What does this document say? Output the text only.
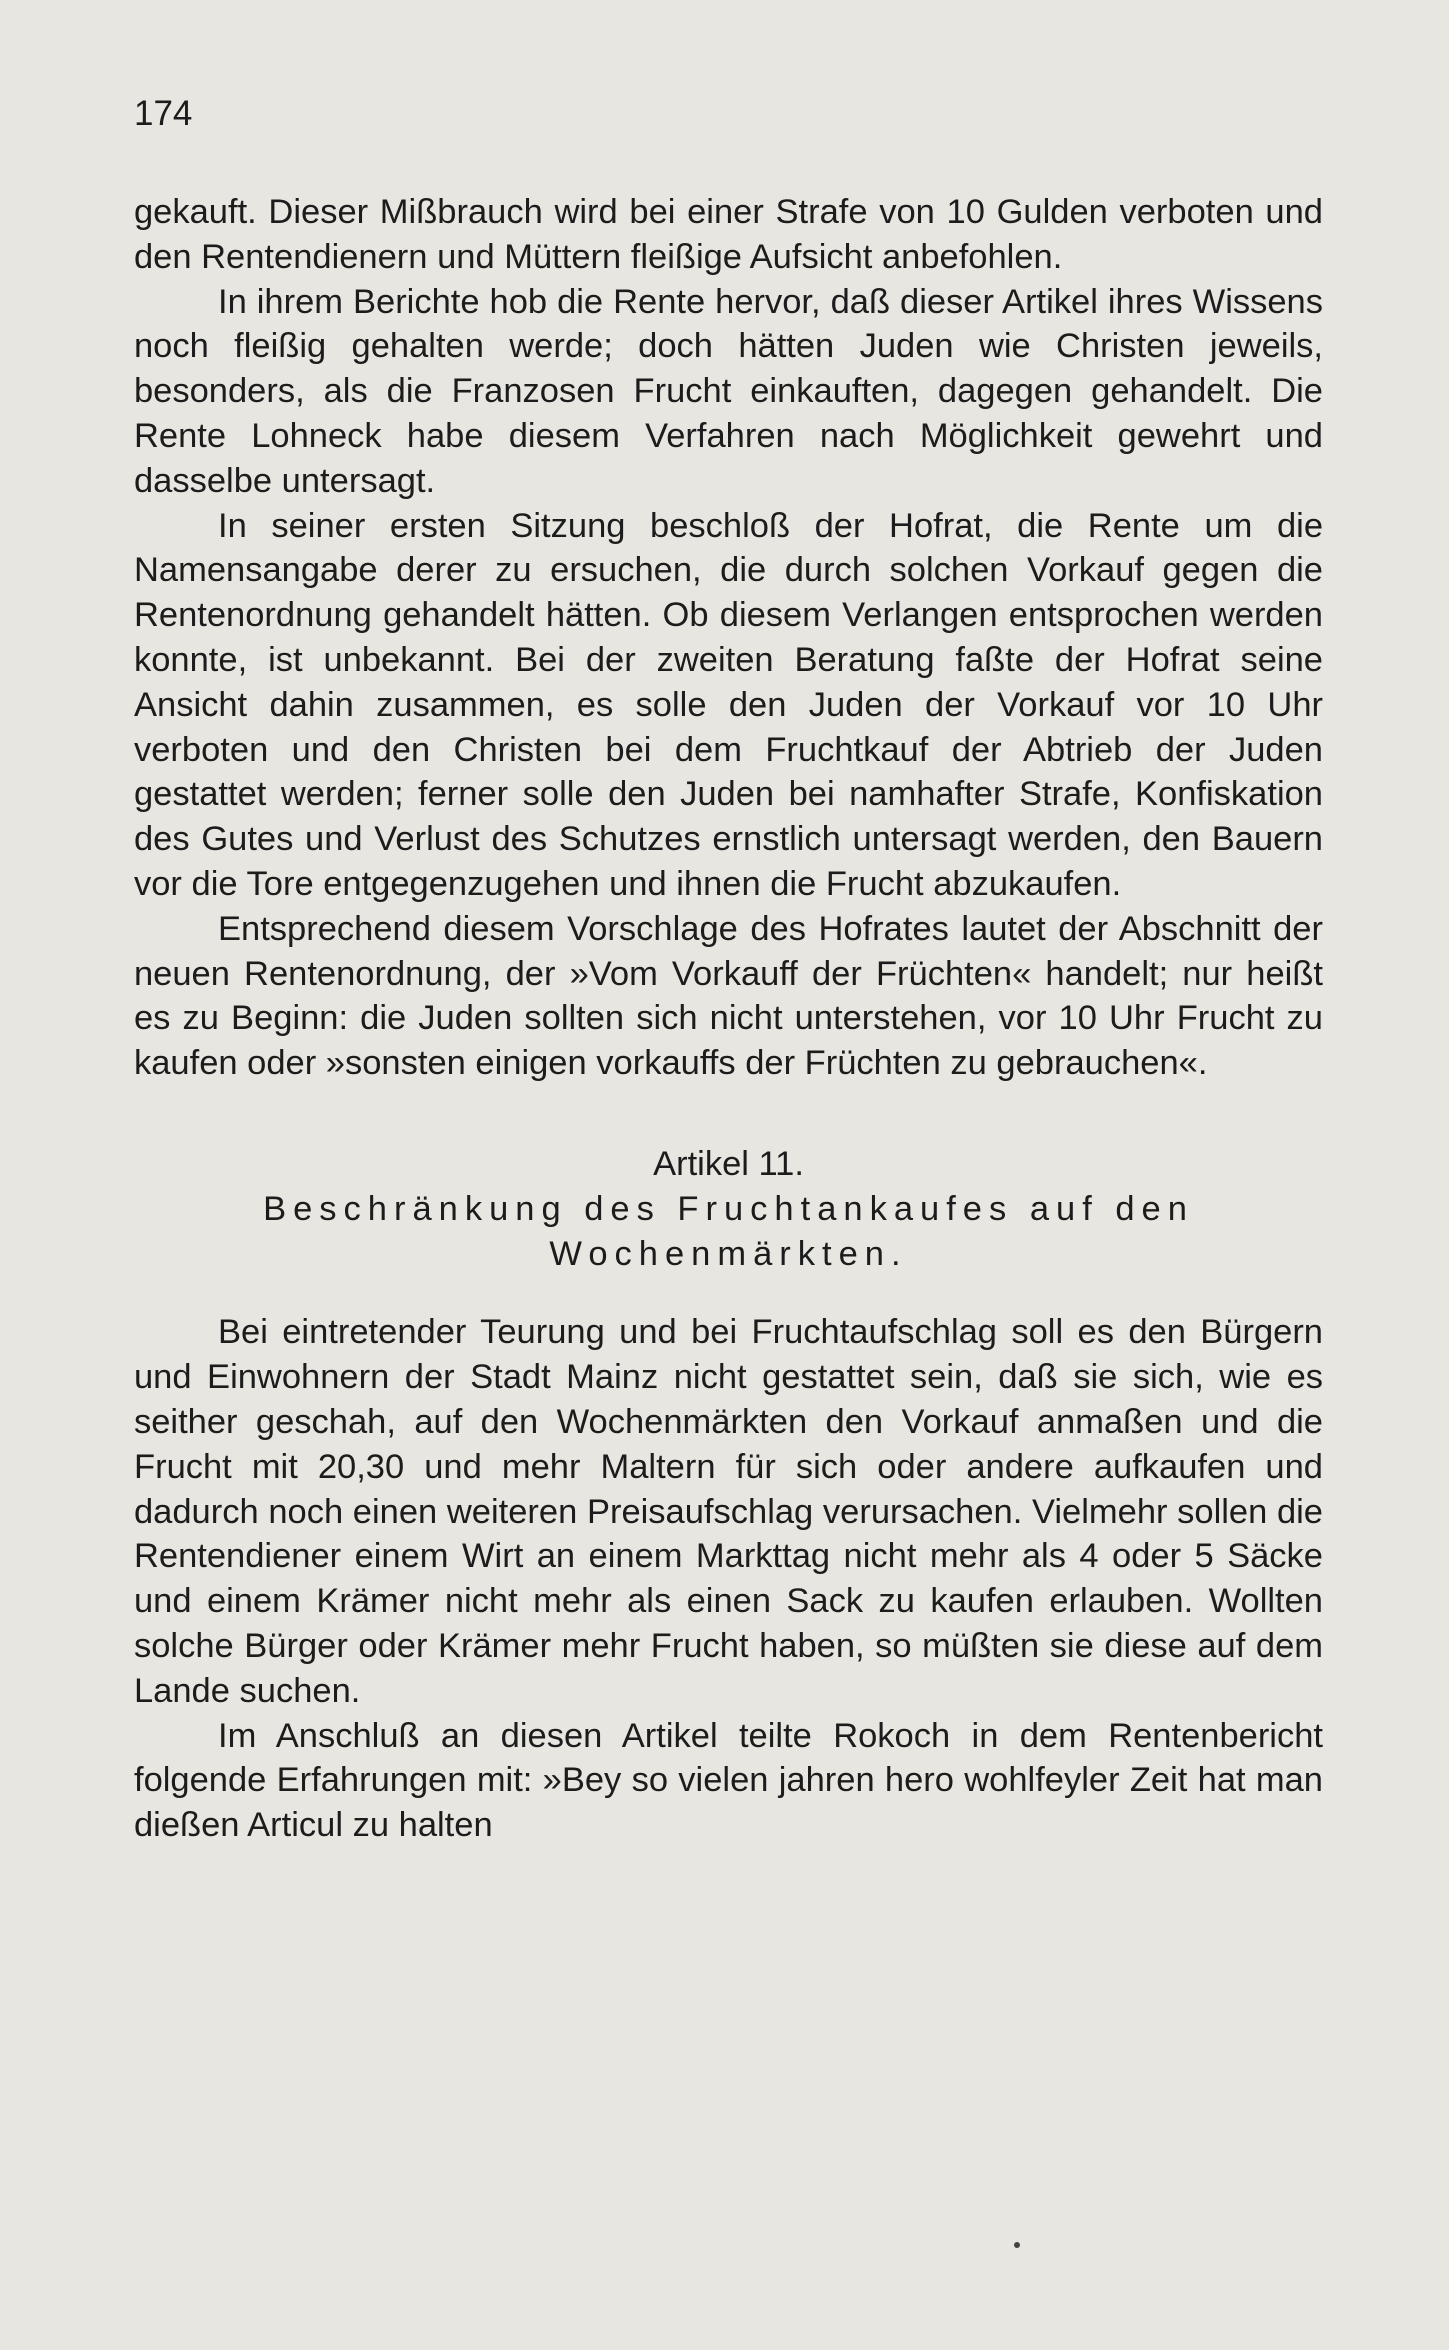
174

gekauft. Dieser Mißbrauch wird bei einer Strafe von 10 Gulden verboten und den Rentendienern und Müttern fleißige Aufsicht anbefohlen.

In ihrem Berichte hob die Rente hervor, daß dieser Artikel ihres Wissens noch fleißig gehalten werde; doch hätten Juden wie Christen jeweils, besonders, als die Franzosen Frucht einkauften, dagegen gehandelt. Die Rente Lohneck habe diesem Verfahren nach Möglichkeit gewehrt und dasselbe untersagt.

In seiner ersten Sitzung beschloß der Hofrat, die Rente um die Namensangabe derer zu ersuchen, die durch solchen Vorkauf gegen die Rentenordnung gehandelt hätten. Ob diesem Verlangen entsprochen werden konnte, ist unbekannt. Bei der zweiten Beratung faßte der Hofrat seine Ansicht dahin zusammen, es solle den Juden der Vorkauf vor 10 Uhr verboten und den Christen bei dem Fruchtkauf der Abtrieb der Juden gestattet werden; ferner solle den Juden bei namhafter Strafe, Konfiskation des Gutes und Verlust des Schutzes ernstlich untersagt werden, den Bauern vor die Tore entgegenzugehen und ihnen die Frucht abzukaufen.

Entsprechend diesem Vorschlage des Hofrates lautet der Abschnitt der neuen Rentenordnung, der »Vom Vorkauff der Früchten« handelt; nur heißt es zu Beginn: die Juden sollten sich nicht unterstehen, vor 10 Uhr Frucht zu kaufen oder »sonsten einigen vorkauffs der Früchten zu gebrauchen«.

Artikel 11.
Beschränkung des Fruchtankaufes auf den Wochenmärkten.

Bei eintretender Teurung und bei Fruchtaufschlag soll es den Bürgern und Einwohnern der Stadt Mainz nicht gestattet sein, daß sie sich, wie es seither geschah, auf den Wochenmärkten den Vorkauf anmaßen und die Frucht mit 20,30 und mehr Maltern für sich oder andere aufkaufen und dadurch noch einen weiteren Preisaufschlag verursachen. Vielmehr sollen die Rentendiener einem Wirt an einem Markttag nicht mehr als 4 oder 5 Säcke und einem Krämer nicht mehr als einen Sack zu kaufen erlauben. Wollten solche Bürger oder Krämer mehr Frucht haben, so müßten sie diese auf dem Lande suchen.

Im Anschluß an diesen Artikel teilte Rokoch in dem Rentenbericht folgende Erfahrungen mit: »Bey so vielen jahren hero wohlfeyler Zeit hat man dießen Articul zu halten
